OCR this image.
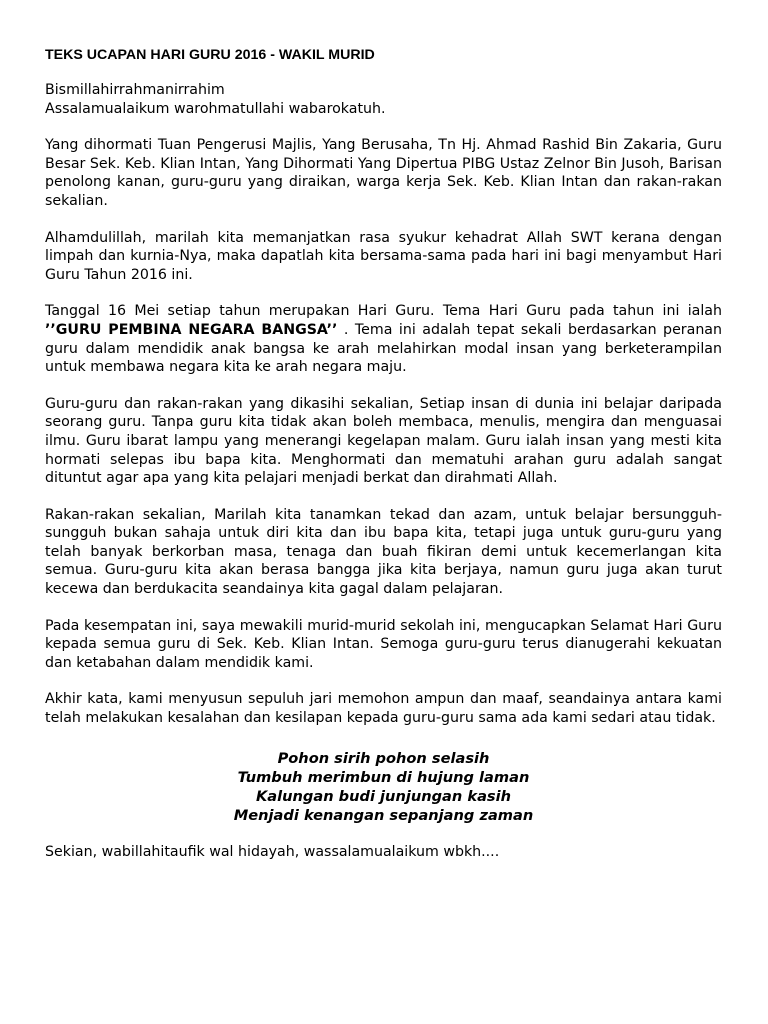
TEKS UCAPAN HARI GURU 2016 - WAKIL MURID
Bismillahirrahmanirrahim
Assalamualaikum warohmatullahi wabarokatuh.
Yang dihormati Tuan Pengerusi Majlis, Yang Berusaha, Tn Hj. Ahmad Rashid Bin Zakaria, Guru Besar Sek. Keb. Klian Intan, Yang Dihormati Yang Dipertua PIBG Ustaz Zelnor Bin Jusoh, Barisan penolong kanan, guru-guru yang diraikan, warga kerja Sek. Keb. Klian Intan dan rakan-rakan sekalian.
Alhamdulillah, marilah kita memanjatkan rasa syukur kehadrat Allah SWT kerana dengan limpah dan kurnia-Nya, maka dapatlah kita bersama-sama pada hari ini bagi menyambut Hari Guru Tahun 2016 ini.
Tanggal 16 Mei setiap tahun merupakan Hari Guru. Tema Hari Guru pada tahun ini ialah ’’GURU PEMBINA NEGARA BANGSA’’ . Tema ini adalah tepat sekali berdasarkan peranan guru dalam mendidik anak bangsa ke arah melahirkan modal insan yang berketerampilan untuk membawa negara kita ke arah negara maju.
Guru-guru dan rakan-rakan yang dikasihi sekalian, Setiap insan di dunia ini belajar daripada seorang guru. Tanpa guru kita tidak akan boleh membaca, menulis, mengira dan menguasai ilmu. Guru ibarat lampu yang menerangi kegelapan malam. Guru ialah insan yang mesti kita hormati selepas ibu bapa kita. Menghormati dan mematuhi arahan guru adalah sangat dituntut agar apa yang kita pelajari menjadi berkat dan dirahmati Allah.
Rakan-rakan sekalian, Marilah kita tanamkan tekad dan azam, untuk belajar bersungguh-sungguh bukan sahaja untuk diri kita dan ibu bapa kita, tetapi juga untuk guru-guru yang telah banyak berkorban masa, tenaga dan buah fikiran demi untuk kecemerlangan kita semua. Guru-guru kita akan berasa bangga jika kita berjaya, namun guru juga akan turut kecewa dan berdukacita seandainya kita gagal dalam pelajaran.
Pada kesempatan ini, saya mewakili murid-murid sekolah ini, mengucapkan Selamat Hari Guru kepada semua guru di Sek. Keb. Klian Intan. Semoga guru-guru terus dianugerahi kekuatan dan ketabahan dalam mendidik kami.
Akhir kata, kami menyusun sepuluh jari memohon ampun dan maaf, seandainya antara kami telah melakukan kesalahan dan kesilapan kepada guru-guru sama ada kami sedari atau tidak.
Pohon sirih pohon selasih
Tumbuh merimbun di hujung laman
Kalungan budi junjungan kasih
Menjadi kenangan sepanjang zaman
Sekian, wabillahitaufik wal hidayah, wassalamualaikum wbkh....
